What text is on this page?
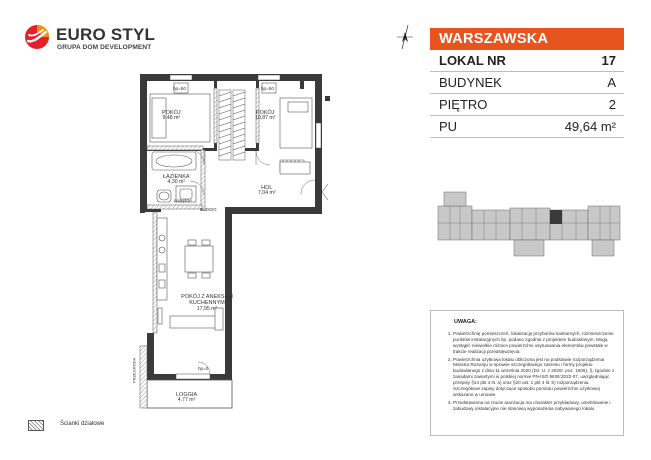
EURO STYL
GRUPA DOM DEVELOPMENT
POKÓJ
9,48 m²
POKÓJ
10,87 m²
ŁAZIENKA
4,30 m²
HOL
7,04 m²
POKÓJ Z ANEKSEM KUCHENNYM
17,95 m²
LOGGIA
4,77 m²
hp=50	hp=50
hp=0
podejście
BUDGIO
PRZEGRODA
WARSZAWSKA
LOKAL NR	17
BUDYNEK	A
PIĘTRO	2
PU	49,64 m²
UWAGA:
1. Powierzchnię pomieszczeń, lokalizację przyborów sanitarnych, rozmieszczenie punktów instalacyjnych itp. podano zgodnie z projektem budowlanym. Mogą wystąpić niewielkie różnice powierzchni usytuowania elementów powstałe w trakcie realizacji przedsięwzięcia.
2. Powierzchnia użytkowa lokalu obliczona jest na podstawie rozporządzenia Ministra Rozwoju w sprawie szczegółowego zakresu i formy projektu budowlanego z dnia 11 września 2020 (Dz. U. z 2020r. poz. 1609), §, zgodnie z zasadami zawartymi w polskiej normie PN-ISO 9836:2022-07, uwzględniając przepisy §14 pkt 4 lit. a) oraz §20 ust. 1 pkt 4 lit. b) rozporządzenia. Szczegółowe zapisy dotyczące sposobu pomiaru powierzchni użytkowej wskazano w umowie.
3. Przedstawiona na rzucie aranżacja ma charakter przykładowy, umeblowanie i zabudowy instalacyjne nie stanowią wyposażenia nabywanego lokalu
Ścianki działowe
